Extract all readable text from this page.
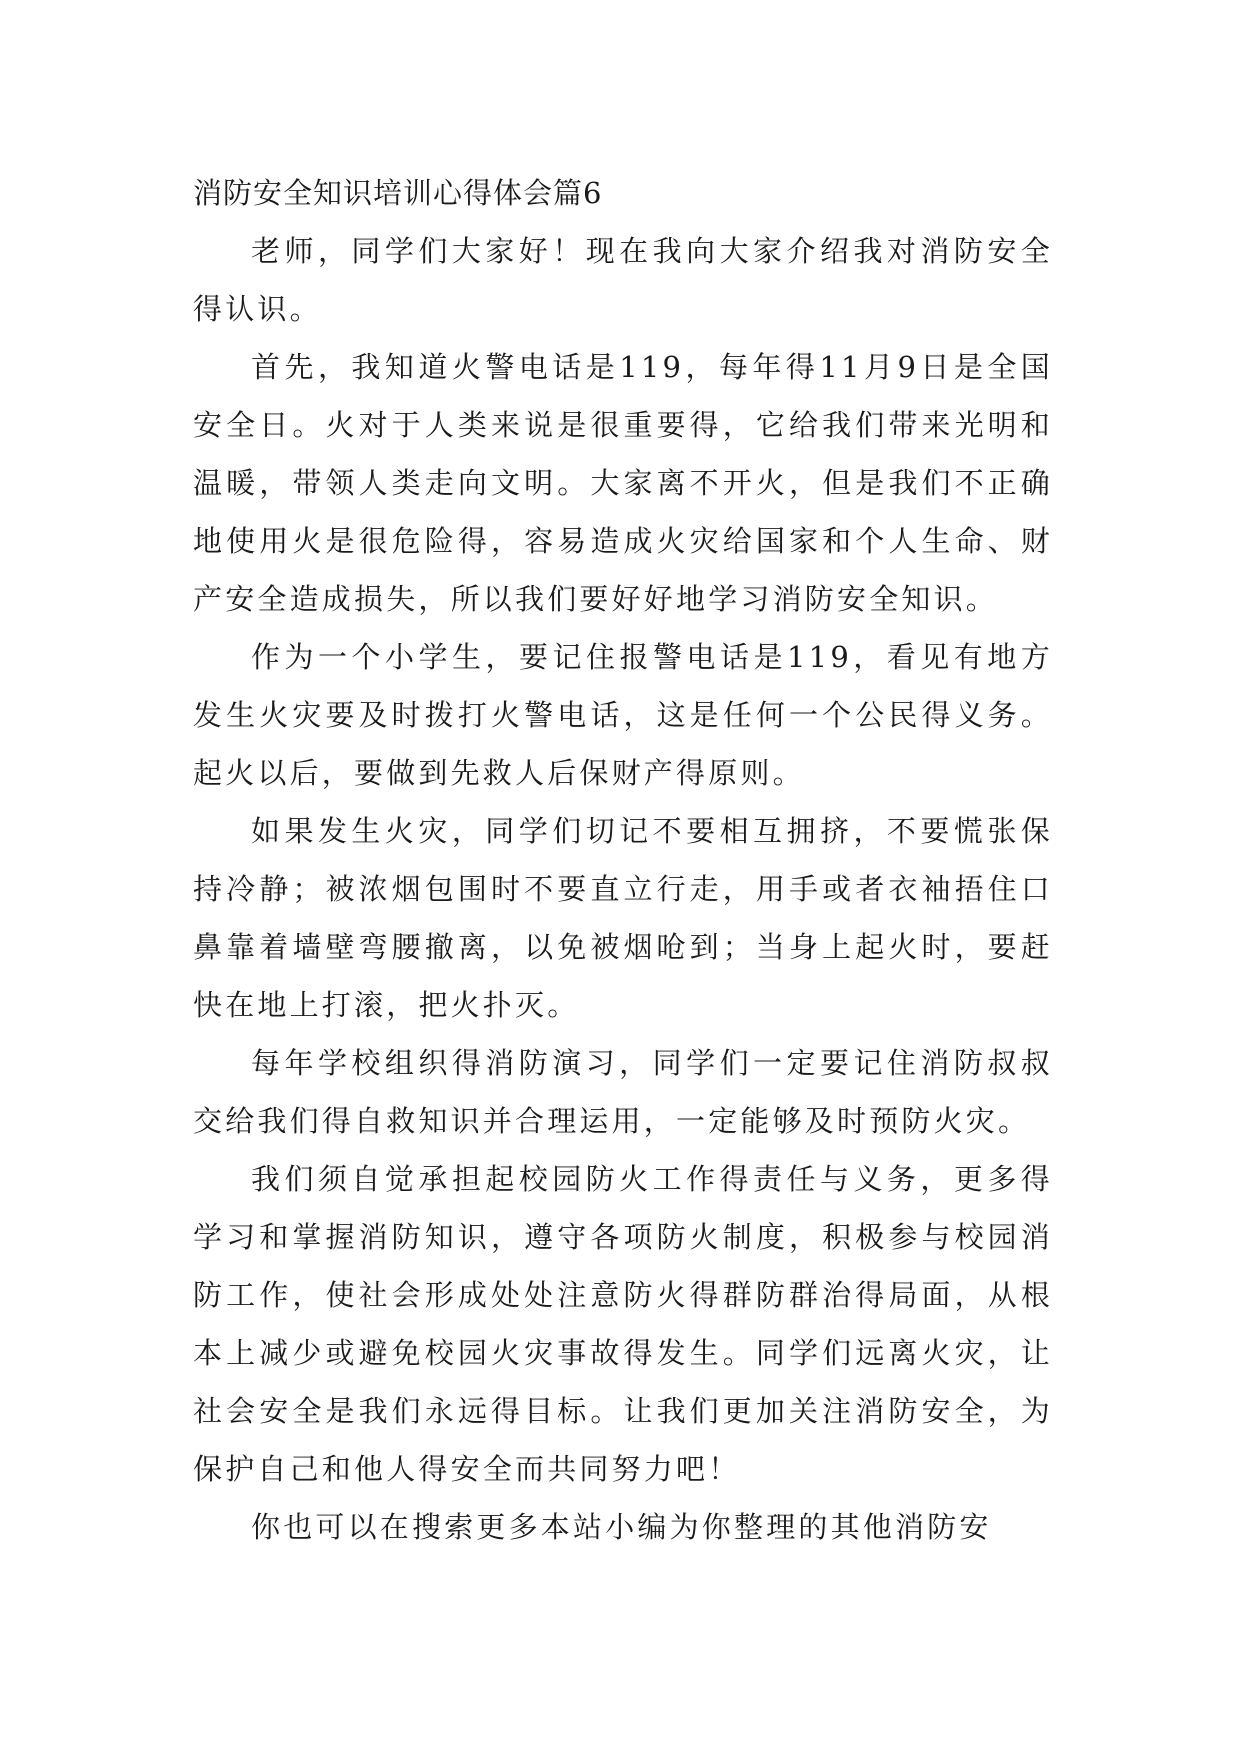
消防安全知识培训心得体会篇6

老师，同学们大家好！现在我向大家介绍我对消防安全得认识。

首先，我知道火警电话是119，每年得11月9日是全国安全日。火对于人类来说是很重要得，它给我们带来光明和温暖，带领人类走向文明。大家离不开火，但是我们不正确地使用火是很危险得，容易造成火灾给国家和个人生命、财产安全造成损失，所以我们要好好地学习消防安全知识。

作为一个小学生，要记住报警电话是119，看见有地方发生火灾要及时拨打火警电话，这是任何一个公民得义务。起火以后，要做到先救人后保财产得原则。

如果发生火灾，同学们切记不要相互拥挤，不要慌张保持冷静；被浓烟包围时不要直立行走，用手或者衣袖捂住口鼻靠着墙壁弯腰撤离，以免被烟呛到；当身上起火时，要赶快在地上打滚，把火扑灭。

每年学校组织得消防演习，同学们一定要记住消防叔叔交给我们得自救知识并合理运用，一定能够及时预防火灾。

我们须自觉承担起校园防火工作得责任与义务，更多得学习和掌握消防知识，遵守各项防火制度，积极参与校园消防工作，使社会形成处处注意防火得群防群治得局面，从根本上减少或避免校园火灾事故得发生。同学们远离火灾，让社会安全是我们永远得目标。让我们更加关注消防安全，为保护自己和他人得安全而共同努力吧！

你也可以在搜索更多本站小编为你整理的其他消防安
